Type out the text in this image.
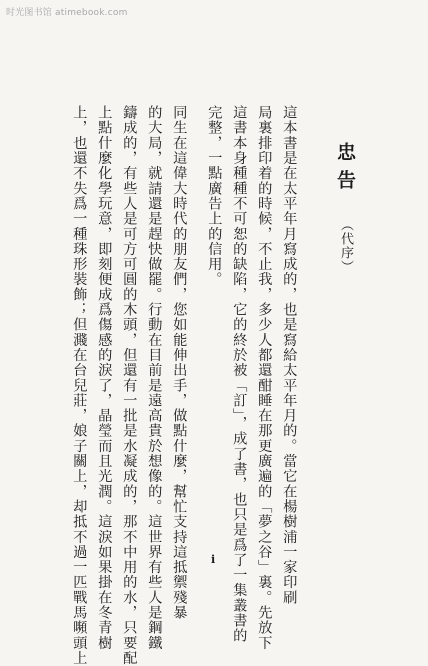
时光图书馆 atimebook.com
忠告
（代序）
這本書是在太平年月寫成的，也是寫給太平年月的。當它在楊樹浦一家印刷
局裏排印着的時候，不止我，多少人都還酣睡在那更廣遍的「夢之谷」裏。先放下
這書本身種種不可恕的缺陷，它的終於被「訂」，成了書，也只是爲了一集叢書的
完整，一點廣告上的信用。
同生在這偉大時代的朋友們，您如能伸出手，做點什麼，幫忙支持這抵禦殘暴
的大局，就請還是趕快做罷。行動在目前是遠高貴於想像的。這世界有些人是鋼鐵
鑄成的，有些人是可方可圓的木頭，但還有一批是水凝成的，那不中用的水，只要配
上點什麼化學玩意，即刻便成爲傷感的淚了，晶瑩而且光潤。這淚如果掛在冬青樹
上，也還不失爲一種珠形裝飾；但濺在台兒莊，娘子關上，却抵不過一匹戰馬嚬頭上	i
